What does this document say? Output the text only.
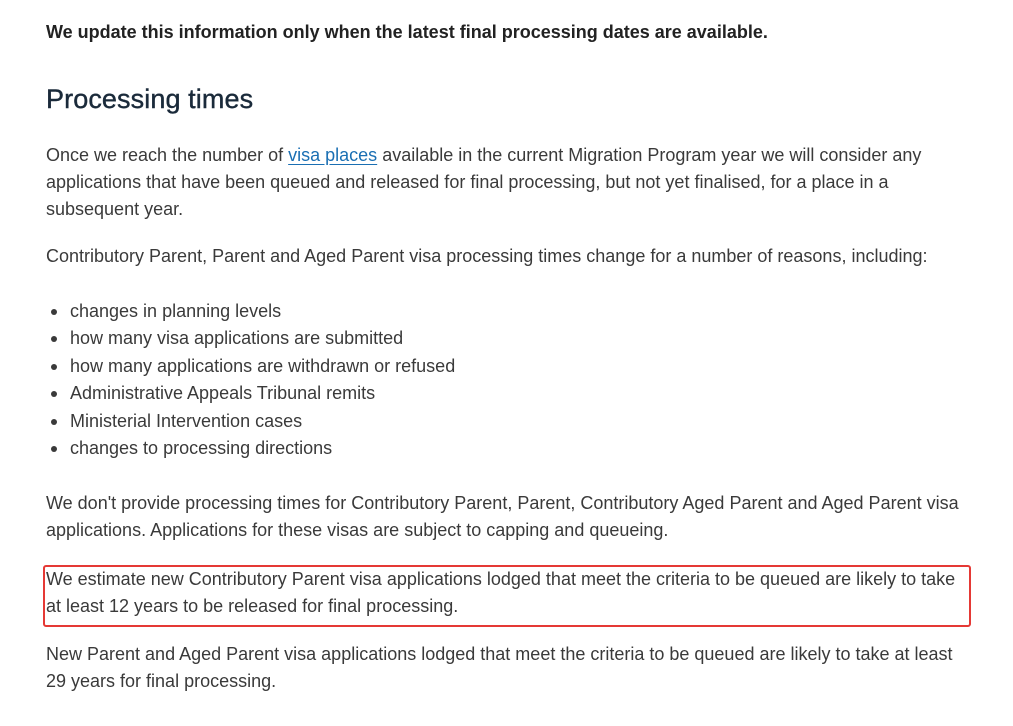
We update this information only when the latest final processing dates are available.
Processing times

Once we reach the number of visa places available in the current Migration Program year we will consider any applications that have been queued and released for final processing, but not yet finalised, for a place in a subsequent year.

Contributory Parent, Parent and Aged Parent visa processing times change for a number of reasons, including:

changes in planning levels
how many visa applications are submitted
how many applications are withdrawn or refused
Administrative Appeals Tribunal remits
Ministerial Intervention cases
changes to processing directions

We don't provide processing times for Contributory Parent, Parent, Contributory Aged Parent and Aged Parent visa applications. Applications for these visas are subject to capping and queueing.

We estimate new Contributory Parent visa applications lodged that meet the criteria to be queued are likely to take at least 12 years to be released for final processing.

New Parent and Aged Parent visa applications lodged that meet the criteria to be queued are likely to take at least 29 years for final processing.
